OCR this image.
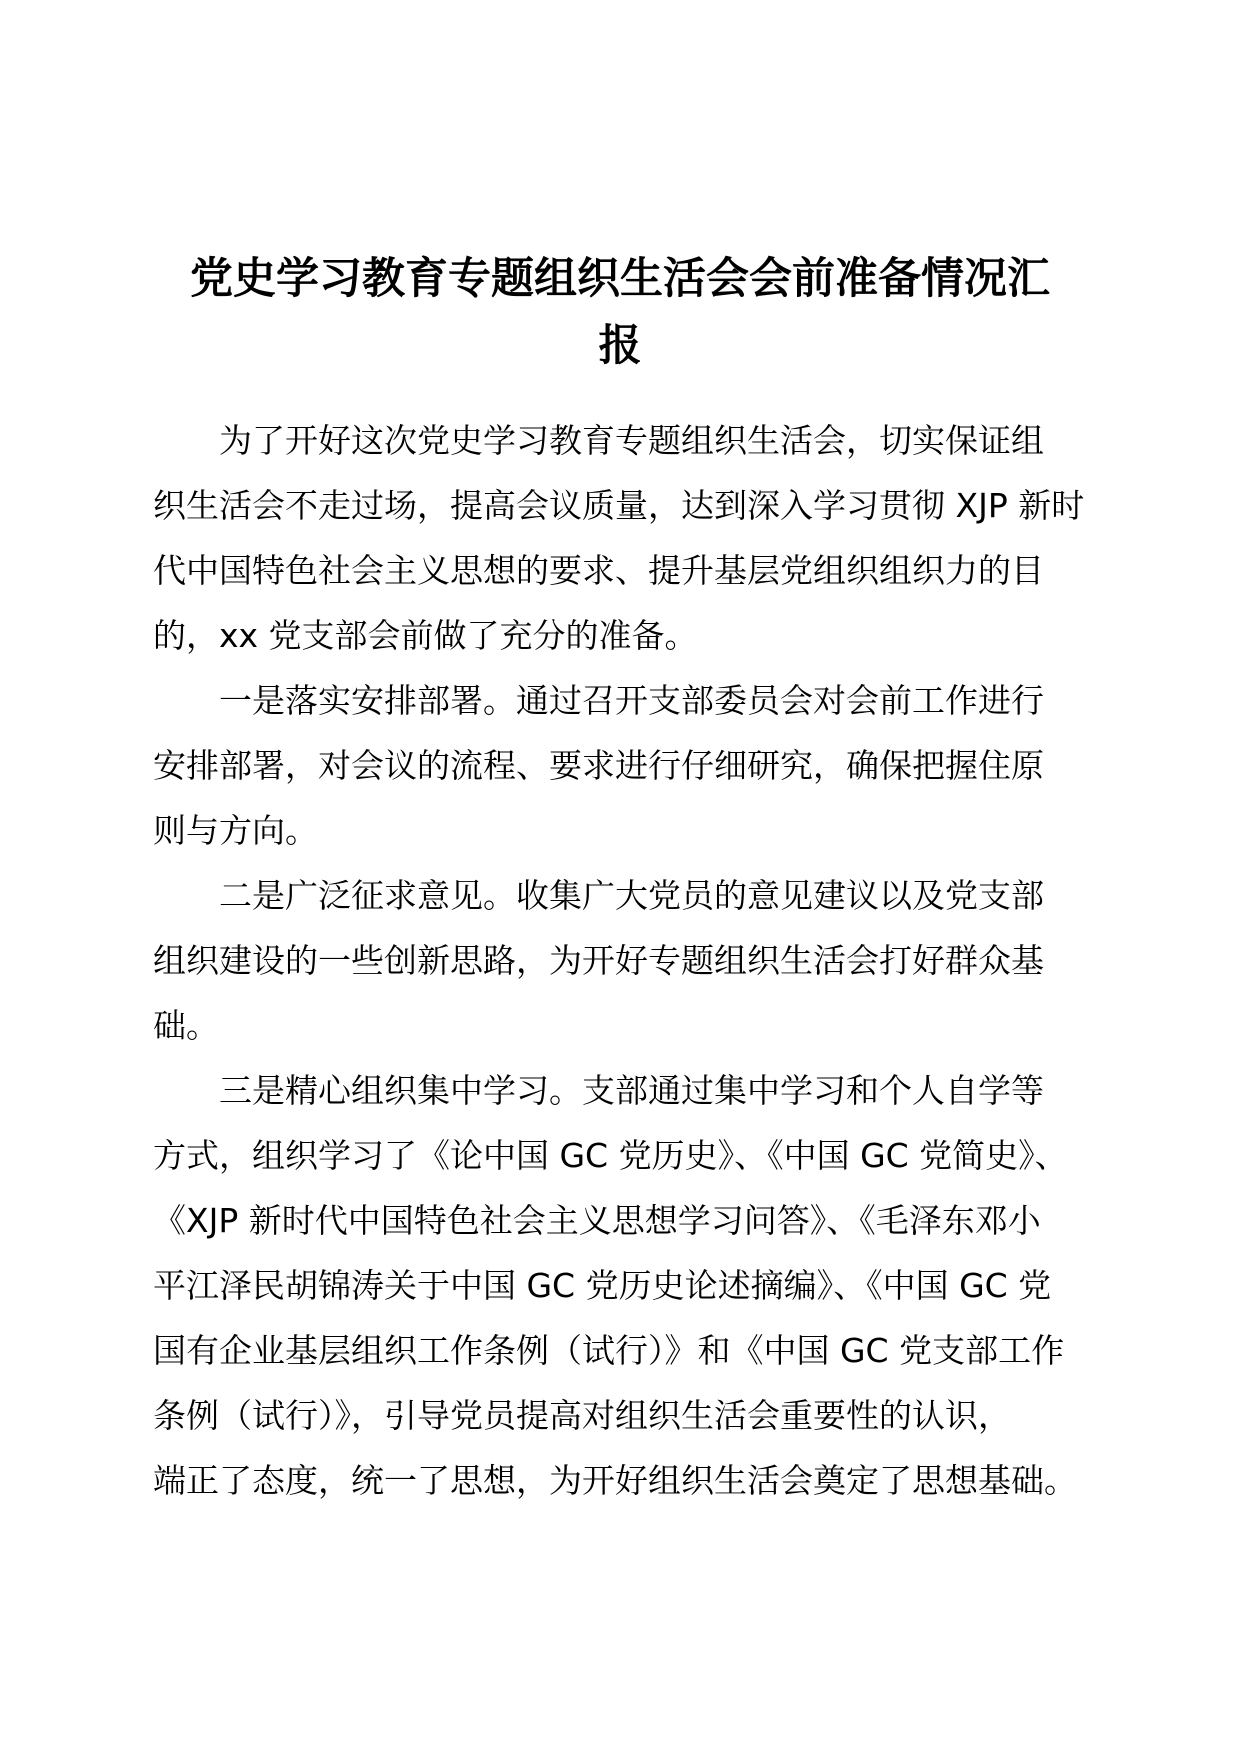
党史学习教育专题组织生活会会前准备情况汇
报

为了开好这次党史学习教育专题组织生活会，切实保证组
织生活会不走过场，提高会议质量，达到深入学习贯彻 XJP 新时
代中国特色社会主义思想的要求、提升基层党组织组织力的目
的，xx 党支部会前做了充分的准备。

一是落实安排部署。通过召开支部委员会对会前工作进行
安排部署，对会议的流程、要求进行仔细研究，确保把握住原
则与方向。

二是广泛征求意见。收集广大党员的意见建议以及党支部
组织建设的一些创新思路，为开好专题组织生活会打好群众基
础。

三是精心组织集中学习。支部通过集中学习和个人自学等
方式，组织学习了《论中国 GC 党历史》、《中国 GC 党简史》、
《XJP 新时代中国特色社会主义思想学习问答》、《毛泽东邓小
平江泽民胡锦涛关于中国 GC 党历史论述摘编》、《中国 GC 党
国有企业基层组织工作条例（试行）》和《中国 GC 党支部工作
条例（试行）》，引导党员提高对组织生活会重要性的认识，
端正了态度，统一了思想，为开好组织生活会奠定了思想基础。
